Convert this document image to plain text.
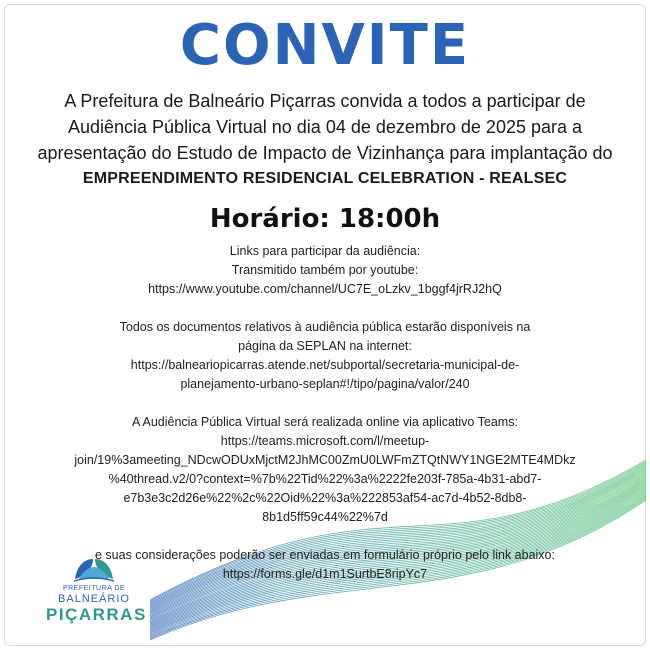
CONVITE
A Prefeitura de Balneário Piçarras convida a todos a participar de
Audiência Pública Virtual no dia 04 de dezembro de 2025 para a
apresentação do Estudo de Impacto de Vizinhança para implantação do
EMPREENDIMENTO RESIDENCIAL CELEBRATION - REALSEC
Horário: 18:00h
Links para participar da audiência:
Transmitido também por youtube:
https://www.youtube.com/channel/UC7E_oLzkv_1bggf4jrRJ2hQ
Todos os documentos relativos à audiência pública estarão disponíveis na
página da SEPLAN na internet:
https://balneariopicarras.atende.net/subportal/secretaria-municipal-de-
planejamento-urbano-seplan#!/tipo/pagina/valor/240
A Audiência Pública Virtual será realizada online via aplicativo Teams:
https://teams.microsoft.com/l/meetup-
join/19%3ameeting_NDcwODUxMjctM2JhMC00ZmU0LWFmZTQtNWY1NGE2MTE4MDkz
%40thread.v2/0?context=%7b%22Tid%22%3a%2222fe203f-785a-4b31-abd7-
e7b3e3c2d26e%22%2c%22Oid%22%3a%222853af54-ac7d-4b52-8db8-
8b1d5ff59c44%22%7d
e suas considerações poderão ser enviadas em formulário próprio pelo link abaixo:
https://forms.gle/d1m1SurtbE8ripYc7
PREFEITURA DE
BALNEÁRIO
PIÇARRAS
